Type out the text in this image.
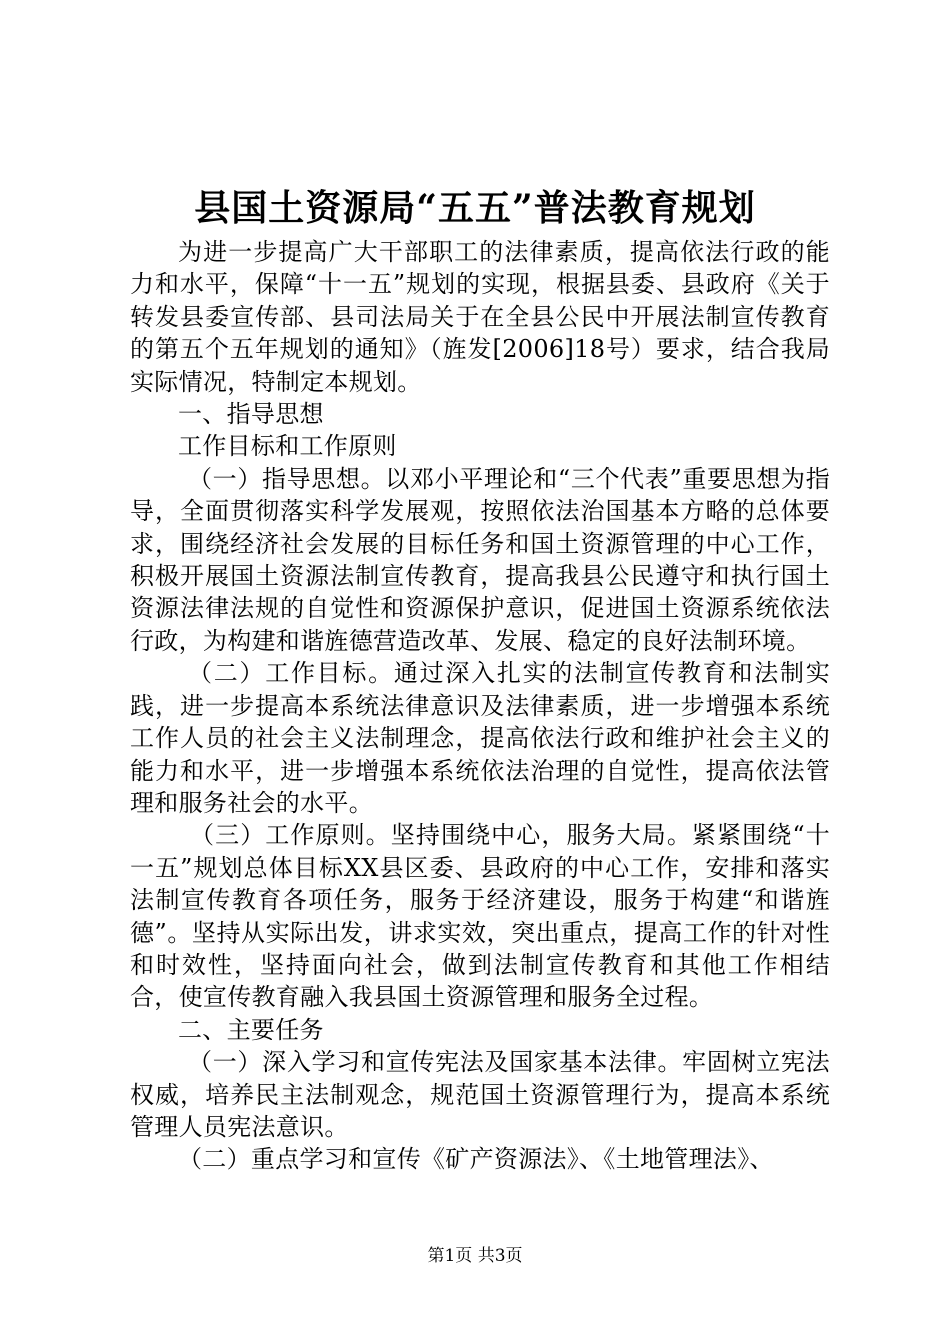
县国土资源局“五五”普法教育规划

为进一步提高广大干部职工的法律素质，提高依法行政的能力和水平，保障“十一五”规划的实现，根据县委、县政府《关于转发县委宣传部、县司法局关于在全县公民中开展法制宣传教育的第五个五年规划的通知》（旌发[2006]18号）要求，结合我局实际情况，特制定本规划。

一、指导思想

工作目标和工作原则

（一）指导思想。以邓小平理论和“三个代表”重要思想为指导，全面贯彻落实科学发展观，按照依法治国基本方略的总体要求，围绕经济社会发展的目标任务和国土资源管理的中心工作，积极开展国土资源法制宣传教育，提高我县公民遵守和执行国土资源法律法规的自觉性和资源保护意识，促进国土资源系统依法行政，为构建和谐旌德营造改革、发展、稳定的良好法制环境。

（二）工作目标。通过深入扎实的法制宣传教育和法制实践，进一步提高本系统法律意识及法律素质，进一步增强本系统工作人员的社会主义法制理念，提高依法行政和维护社会主义的能力和水平，进一步增强本系统依法治理的自觉性，提高依法管理和服务社会的水平。

（三）工作原则。坚持围绕中心，服务大局。紧紧围绕“十一五”规划总体目标XX县区委、县政府的中心工作，安排和落实法制宣传教育各项任务，服务于经济建设，服务于构建“和谐旌德”。坚持从实际出发，讲求实效，突出重点，提高工作的针对性和时效性，坚持面向社会，做到法制宣传教育和其他工作相结合，使宣传教育融入我县国土资源管理和服务全过程。

二、主要任务

（一）深入学习和宣传宪法及国家基本法律。牢固树立宪法权威，培养民主法制观念，规范国土资源管理行为，提高本系统管理人员宪法意识。

（二）重点学习和宣传《矿产资源法》、《土地管理法》、

第1页 共3页
